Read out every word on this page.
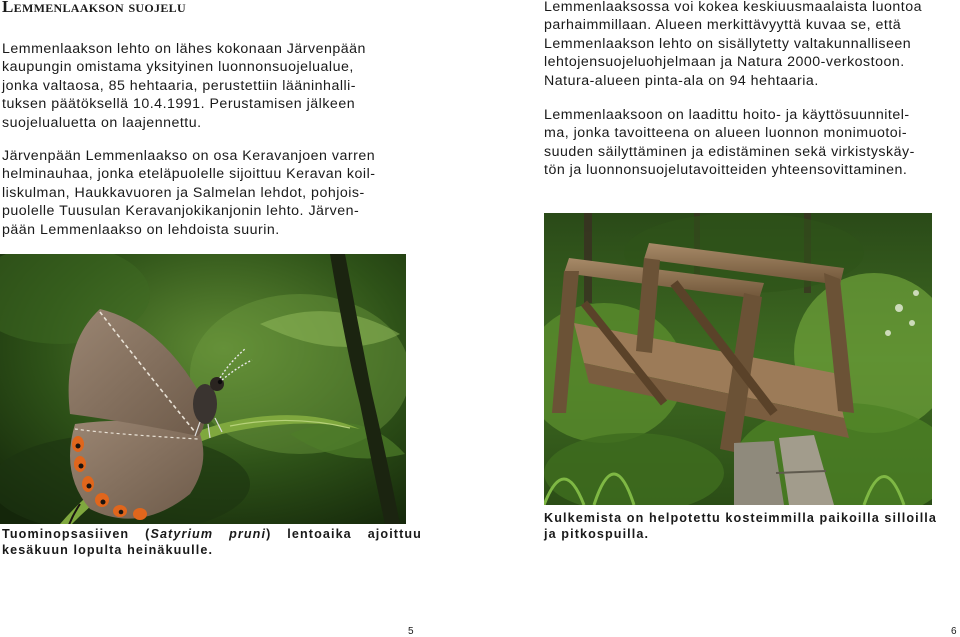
Lemmenlaakson suojelu

Lemmenlaakson lehto on lähes kokonaan Järvenpään
kaupungin omistama yksityinen luonnonsuojelualue,
jonka valtaosa, 85 hehtaaria, perustettiin lääninhalli-
tuksen päätöksellä 10.4.1991. Perustamisen jälkeen
suojelualuetta on laajennettu.

Järvenpään Lemmenlaakso on osa Keravanjoen varren
helminauhaa, jonka eteläpuolelle sijoittuu Keravan koil-
liskulman, Haukkavuoren ja Salmelan lehdot, pohjois-
puolelle Tuusulan Keravanjokikanjonin lehto. Järven-
pään Lemmenlaakso on lehdoista suurin.

Tuominopsasiiven (Satyrium pruni) lentoaika ajoittuu
kesäkuun lopulta heinäkuulle.
5

Lemmenlaaksossa voi kokea keskiuusmaalaista luontoa
parhaimmillaan. Alueen merkittävyyttä kuvaa se, että
Lemmenlaakson lehto on sisällytetty valtakunnalliseen
lehtojensuojeluohjelmaan ja Natura 2000-verkostoon.
Natura-alueen pinta-ala on 94 hehtaaria.

Lemmenlaaksoon on laadittu hoito- ja käyttösuunnitel-
ma, jonka tavoitteena on alueen luonnon monimuotoi-
suuden säilyttäminen ja edistäminen sekä virkistyskäy-
tön ja luonnonsuojelutavoitteiden yhteensovittaminen.

Kulkemista on helpotettu kosteimmilla paikoilla silloilla
ja pitkospuilla.
6
